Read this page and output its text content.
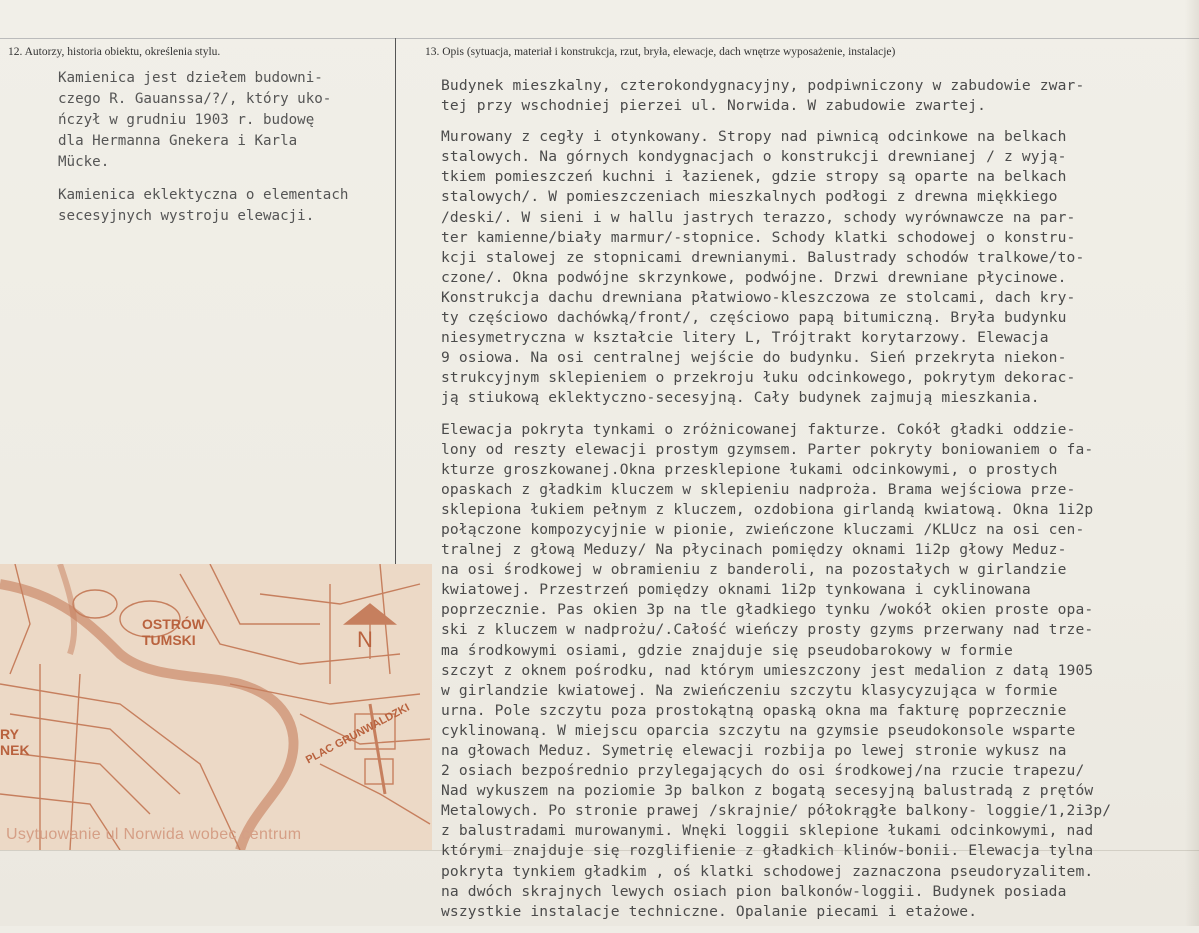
12. Autorzy, historia obiektu, określenia stylu.	13. Opis (sytuacja, materiał i konstrukcja, rzut, bryła, elewacje, dach wnętrze wyposażenie, instalacje)

Kamienica jest dziełem budowni-
czego R. Gauanssa/?/, który uko-
ńczył w grudniu 1903 r. budowę
dla Hermanna Gnekera i Karla
Mücke.

Kamienica eklektyczna o elementach
secesyjnych wystroju elewacji.

Budynek mieszkalny, czterokondygnacyjny, podpiwniczony w zabudowie zwar-
tej przy wschodniej pierzei ul. Norwida. W zabudowie zwartej.

Murowany z cegły i otynkowany. Stropy nad piwnicą odcinkowe na belkach
stalowych. Na górnych kondygnacjach o konstrukcji drewnianej / z wyją-
tkiem pomieszczeń kuchni i łazienek, gdzie stropy są oparte na belkach
stalowych/. W pomieszczeniach mieszkalnych podłogi z drewna miękkiego
/deski/. W sieni i w hallu jastrych terazzo, schody wyrównawcze na par-
ter kamienne/biały marmur/-stopnice. Schody klatki schodowej o konstru-
kcji stalowej ze stopnicami drewnianymi. Balustrady schodów tralkowe/to-
czone/. Okna podwójne skrzynkowe, podwójne. Drzwi drewniane płycinowe.
Konstrukcja dachu drewniana płatwiowo-kleszczowa ze stolcami, dach kry-
ty częściowo dachówką/front/, częściowo papą bitumiczną. Bryła budynku
niesymetryczna w kształcie litery L, Trójtrakt korytarzowy. Elewacja
9 osiowa. Na osi centralnej wejście do budynku. Sień przekryta niekon-
strukcyjnym sklepieniem o przekroju łuku odcinkowego, pokrytym dekorac-
ją stiukową eklektyczno-secesyjną. Cały budynek zajmują mieszkania.

Elewacja pokryta tynkami o zróżnicowanej fakturze. Cokół gładki oddzie-
lony od reszty elewacji prostym gzymsem. Parter pokryty boniowaniem o fa-
kturze groszkowanej.Okna przesklepione łukami odcinkowymi, o prostych
opaskach z gładkim kluczem w sklepieniu nadproża. Brama wejściowa prze-
sklepiona łukiem pełnym z kluczem, ozdobiona girlandą kwiatową. Okna 1i2p
połączone kompozycyjnie w pionie, zwieńczone kluczami /KLUcz na osi cen-
tralnej z głową Meduzy/ Na płycinach pomiędzy oknami 1i2p głowy Meduz-
na osi środkowej w obramieniu z banderoli, na pozostałych w girlandzie
kwiatowej. Przestrzeń pomiędzy oknami 1i2p tynkowana i cyklinowana
poprzecznie. Pas okien 3p na tle gładkiego tynku /wokół okien proste opa-
ski z kluczem w nadprożu/.Całość wieńczy prosty gzyms przerwany nad trze-
ma środkowymi osiami, gdzie znajduje się pseudobarokowy w formie
szczyt z oknem pośrodku, nad którym umieszczony jest medalion z datą 1905
w girlandzie kwiatowej. Na zwieńczeniu szczytu klasycyzująca w formie
urna. Pole szczytu poza prostokątną opaską okna ma fakturę poprzecznie
cyklinowaną. W miejscu oparcia szczytu na gzymsie pseudokonsole wsparte
na głowach Meduz. Symetrię elewacji rozbija po lewej stronie wykusz na
2 osiach bezpośrednio przylegających do osi środkowej/na rzucie trapezu/
Nad wykuszem na poziomie 3p balkon z bogatą secesyjną balustradą z prętów
Metalowych. Po stronie prawej /skrajnie/ półokrągłe balkony- loggie/1,2i3p/
z balustradami murowanymi. Wnęki loggii sklepione łukami odcinkowymi, nad
którymi znajduje się rozglifienie z gładkich klinów-bonii. Elewacja tylna
pokryta tynkiem gładkim , oś klatki schodowej zaznaczona pseudoryzalitem.
na dwóch skrajnych lewych osiach pion balkonów-loggii. Budynek posiada
wszystkie instalacje techniczne. Opalanie piecami i etażowe.

OSTRÓW
TUMSKI
PLAC GRUNWALDZKI
RY
NEK
N
Usytuowanie ul Norwida wobec centrum
